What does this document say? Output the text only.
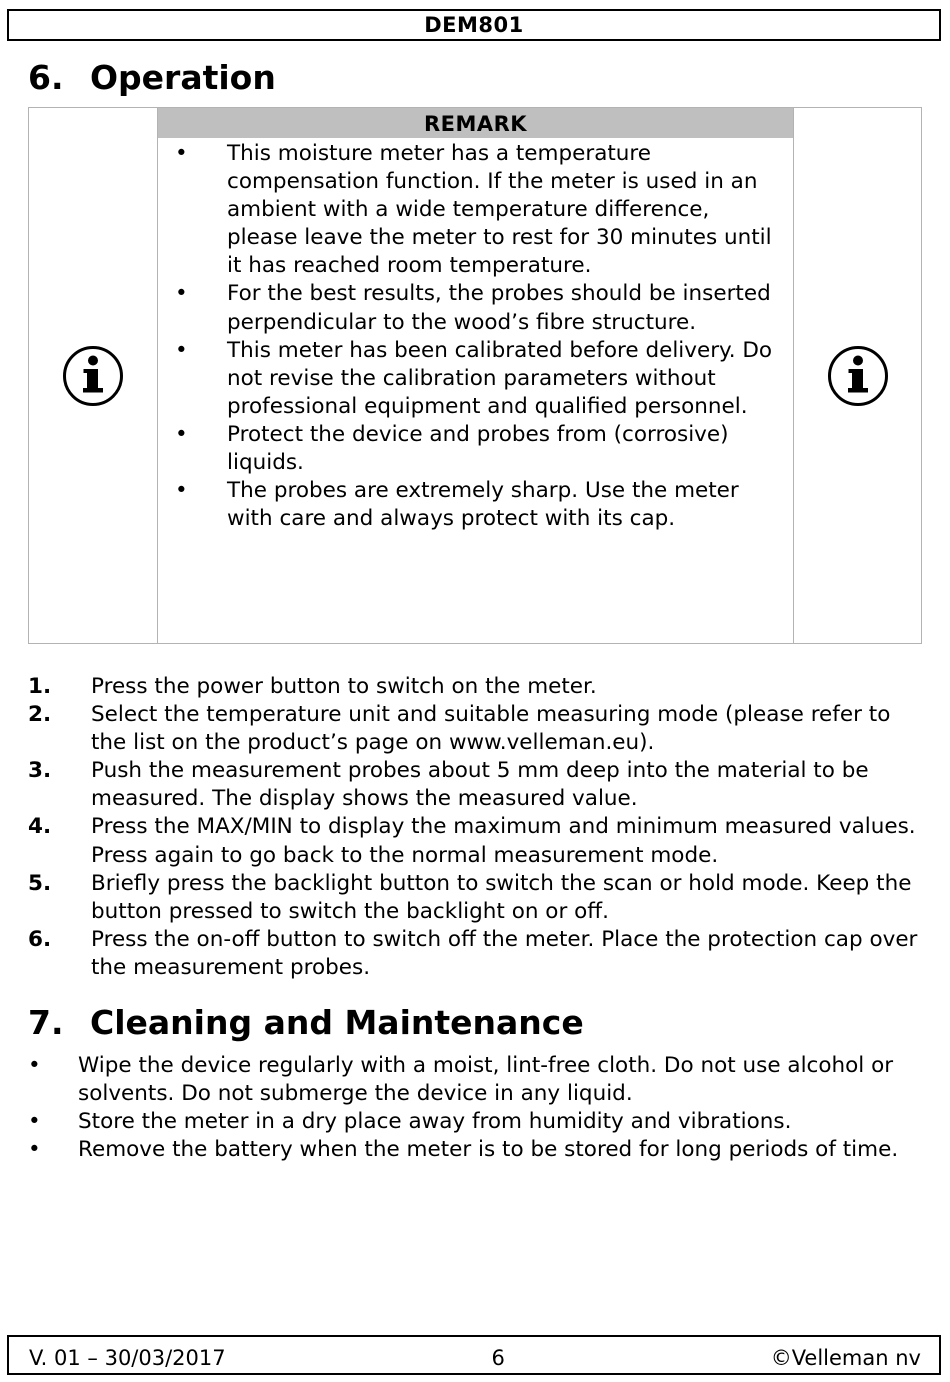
DEM801
6. Operation
REMARK
• This moisture meter has a temperature compensation function. If the meter is used in an ambient with a wide temperature difference, please leave the meter to rest for 30 minutes until it has reached room temperature.
• For the best results, the probes should be inserted perpendicular to the wood’s fibre structure.
• This meter has been calibrated before delivery. Do not revise the calibration parameters without professional equipment and qualified personnel.
• Protect the device and probes from (corrosive) liquids.
• The probes are extremely sharp. Use the meter with care and always protect with its cap.
1. Press the power button to switch on the meter.
2. Select the temperature unit and suitable measuring mode (please refer to the list on the product’s page on www.velleman.eu).
3. Push the measurement probes about 5 mm deep into the material to be measured. The display shows the measured value.
4. Press the MAX/MIN to display the maximum and minimum measured values. Press again to go back to the normal measurement mode.
5. Briefly press the backlight button to switch the scan or hold mode. Keep the button pressed to switch the backlight on or off.
6. Press the on-off button to switch off the meter. Place the protection cap over the measurement probes.
7. Cleaning and Maintenance
• Wipe the device regularly with a moist, lint-free cloth. Do not use alcohol or solvents. Do not submerge the device in any liquid.
• Store the meter in a dry place away from humidity and vibrations.
• Remove the battery when the meter is to be stored for long periods of time.
V. 01 – 30/03/2017	6	©Velleman nv
